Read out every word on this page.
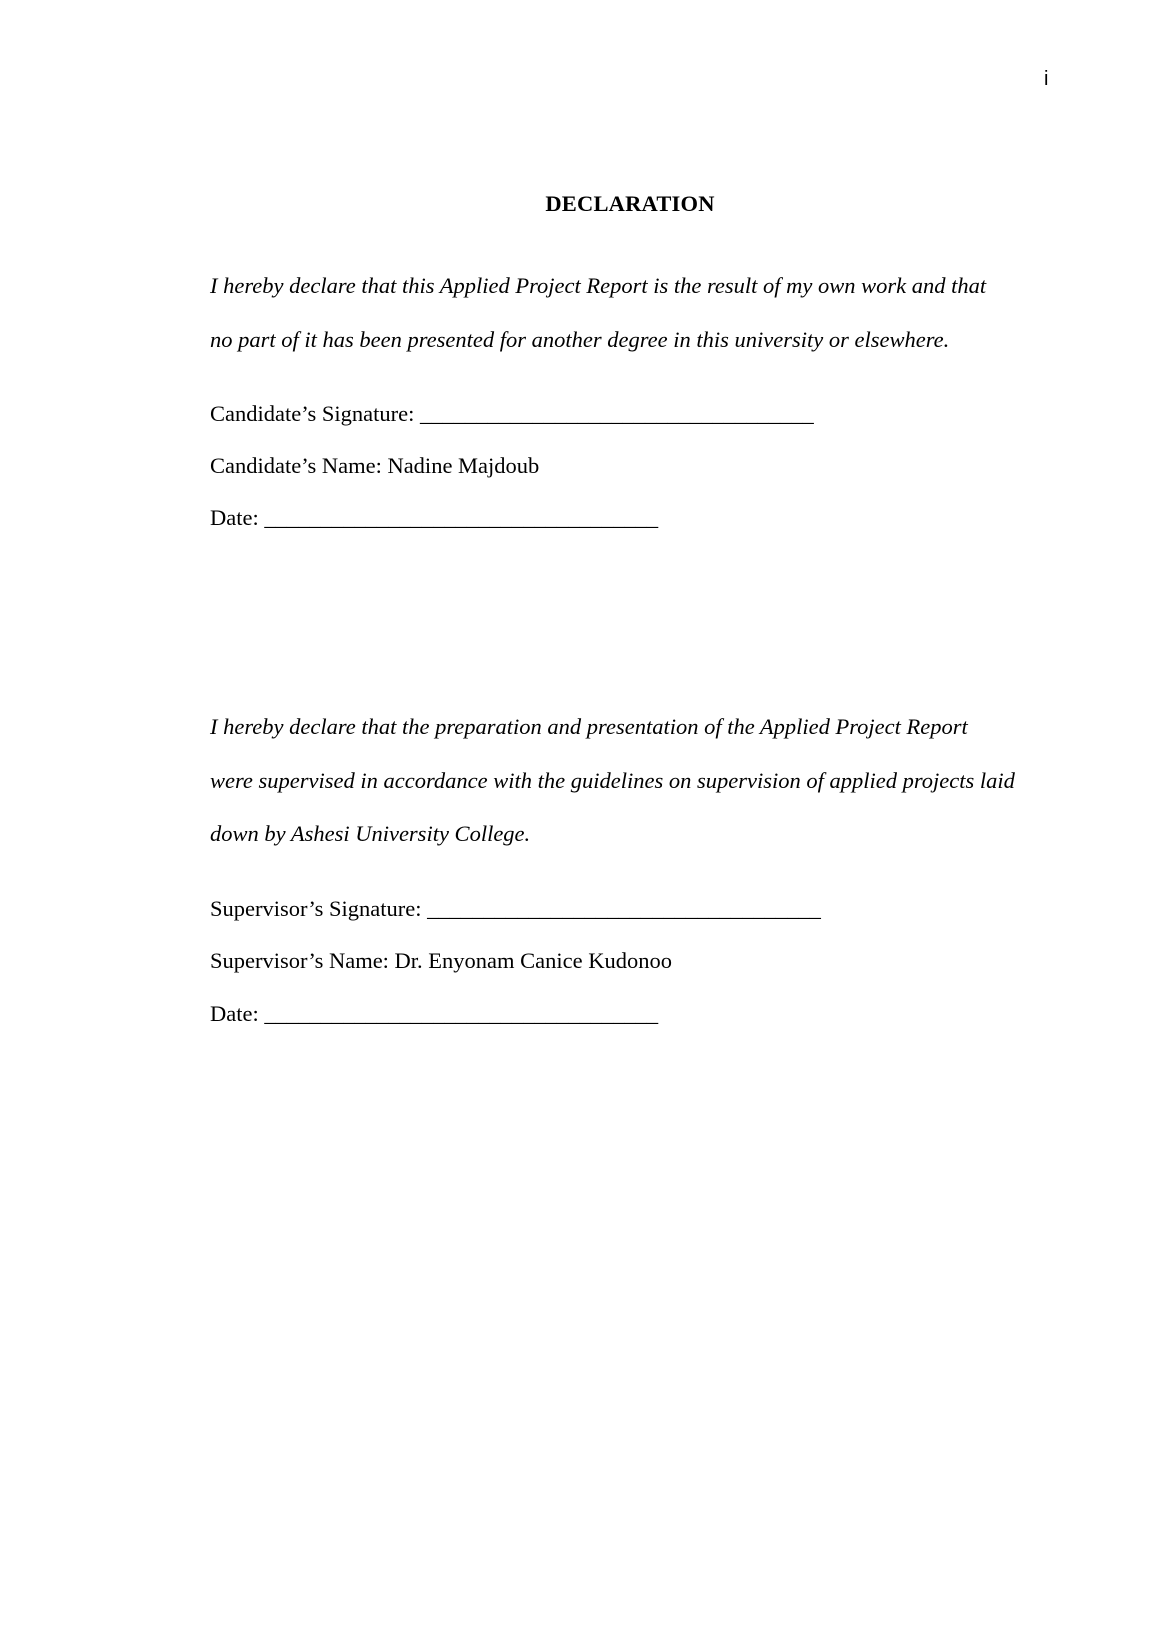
i
DECLARATION

I hereby declare that this Applied Project Report is the result of my own work and that
no part of it has been presented for another degree in this university or elsewhere.

Candidate’s Signature: ___________________________________
Candidate’s Name: Nadine Majdoub
Date: ___________________________________

I hereby declare that the preparation and presentation of the Applied Project Report
were supervised in accordance with the guidelines on supervision of applied projects laid
down by Ashesi University College.

Supervisor’s Signature: ___________________________________
Supervisor’s Name: Dr. Enyonam Canice Kudonoo
Date: ___________________________________
